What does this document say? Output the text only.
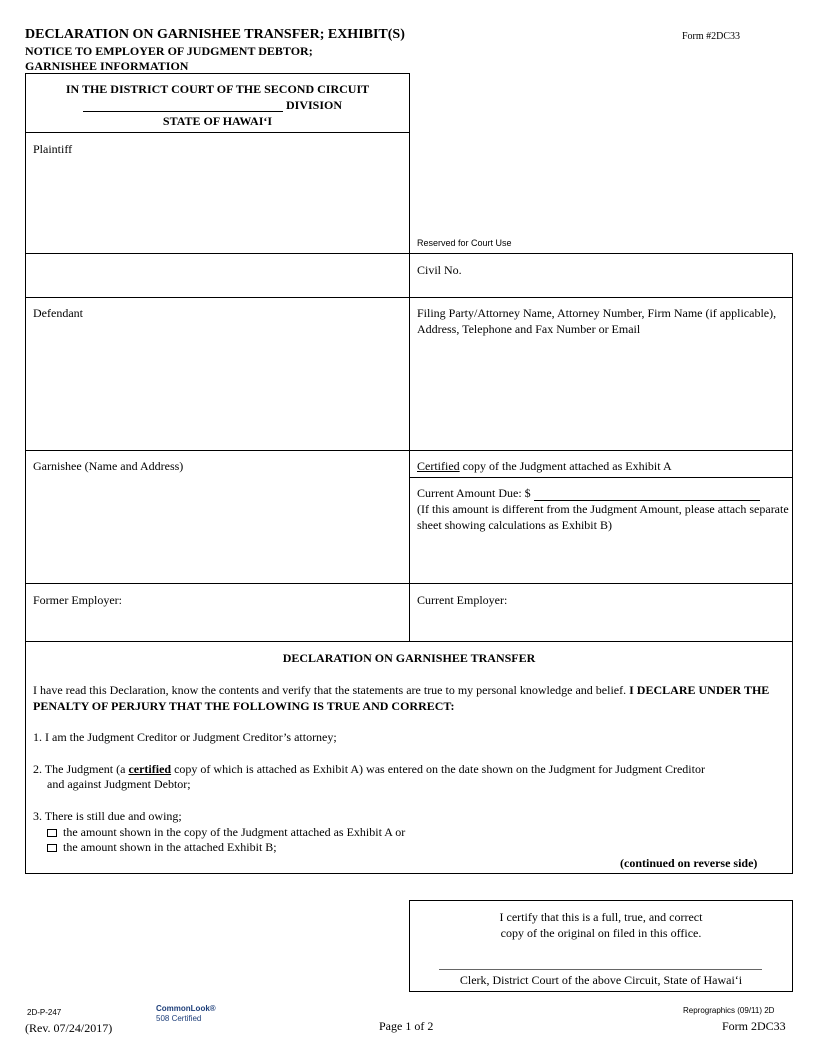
DECLARATION ON GARNISHEE TRANSFER; EXHIBIT(S)
NOTICE TO EMPLOYER OF JUDGMENT DEBTOR;
GARNISHEE INFORMATION
Form #2DC33
IN THE DISTRICT COURT OF THE SECOND CIRCUIT
DIVISION
STATE OF HAWAI‘I
Plaintiff
Reserved for Court Use
Civil No.
Defendant	Filing Party/Attorney Name, Attorney Number, Firm Name (if applicable), Address, Telephone and Fax Number or Email
Garnishee (Name and Address)	Certified copy of the Judgment attached as Exhibit A
Current Amount Due: $
(If this amount is different from the Judgment Amount, please attach separate sheet showing calculations as Exhibit B)
Former Employer:	Current Employer:
DECLARATION ON GARNISHEE TRANSFER
I have read this Declaration, know the contents and verify that the statements are true to my personal knowledge and belief. I DECLARE UNDER THE PENALTY OF PERJURY THAT THE FOLLOWING IS TRUE AND CORRECT:
1. I am the Judgment Creditor or Judgment Creditor’s attorney;
2. The Judgment (a certified copy of which is attached as Exhibit A) was entered on the date shown on the Judgment for Judgment Creditor
and against Judgment Debtor;
3. There is still due and owing;
the amount shown in the copy of the Judgment attached as Exhibit A or
the amount shown in the attached Exhibit B;
(continued on reverse side)
I certify that this is a full, true, and correct
copy of the original on filed in this office.
Clerk, District Court of the above Circuit, State of Hawai‘i
2D-P-247	CommonLook®
508 Certified
(Rev. 07/24/2017)	Page 1 of 2
Reprographics (09/11) 2D
Form 2DC33
